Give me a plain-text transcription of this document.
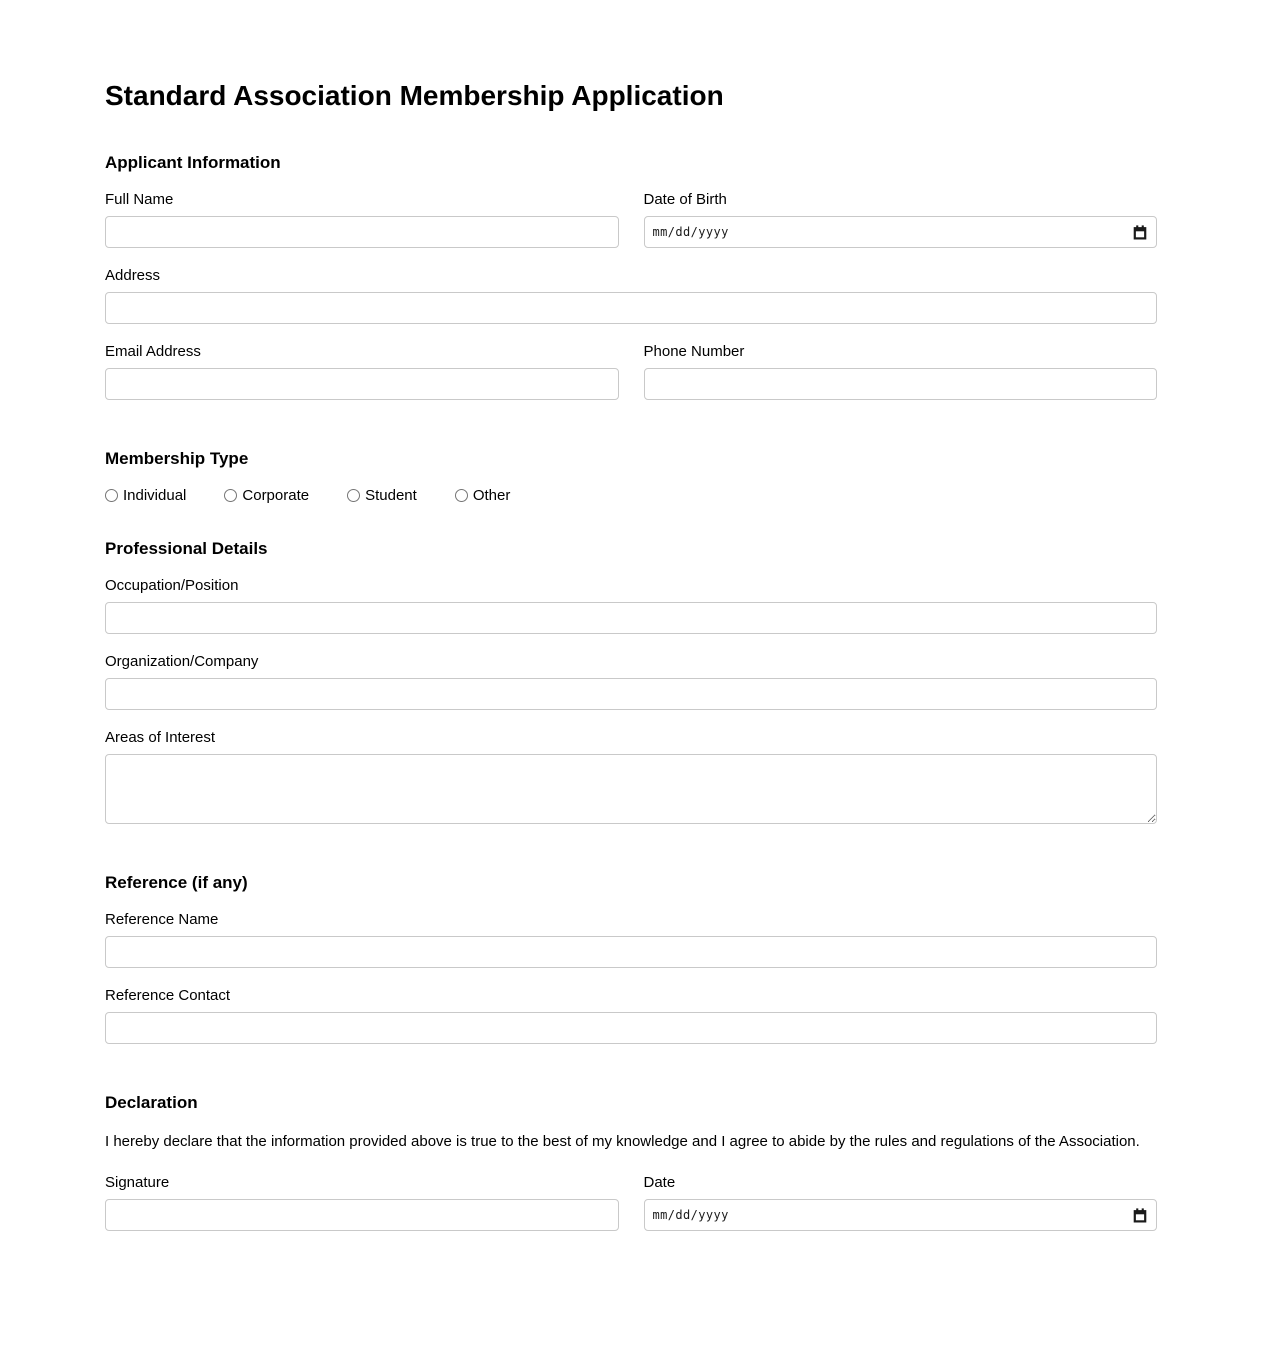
Standard Association Membership Application
Applicant Information
Full Name	Date of Birth
mm/dd/yyyy
Address
Email Address	Phone Number
Membership Type
Individual	Corporate	Student	Other
Professional Details
Occupation/Position
Organization/Company
Areas of Interest
Reference (if any)
Reference Name
Reference Contact
Declaration

I hereby declare that the information provided above is true to the best of my knowledge and I agree to abide by the rules and regulations of the Association.

Signature	Date
mm/dd/yyyy
